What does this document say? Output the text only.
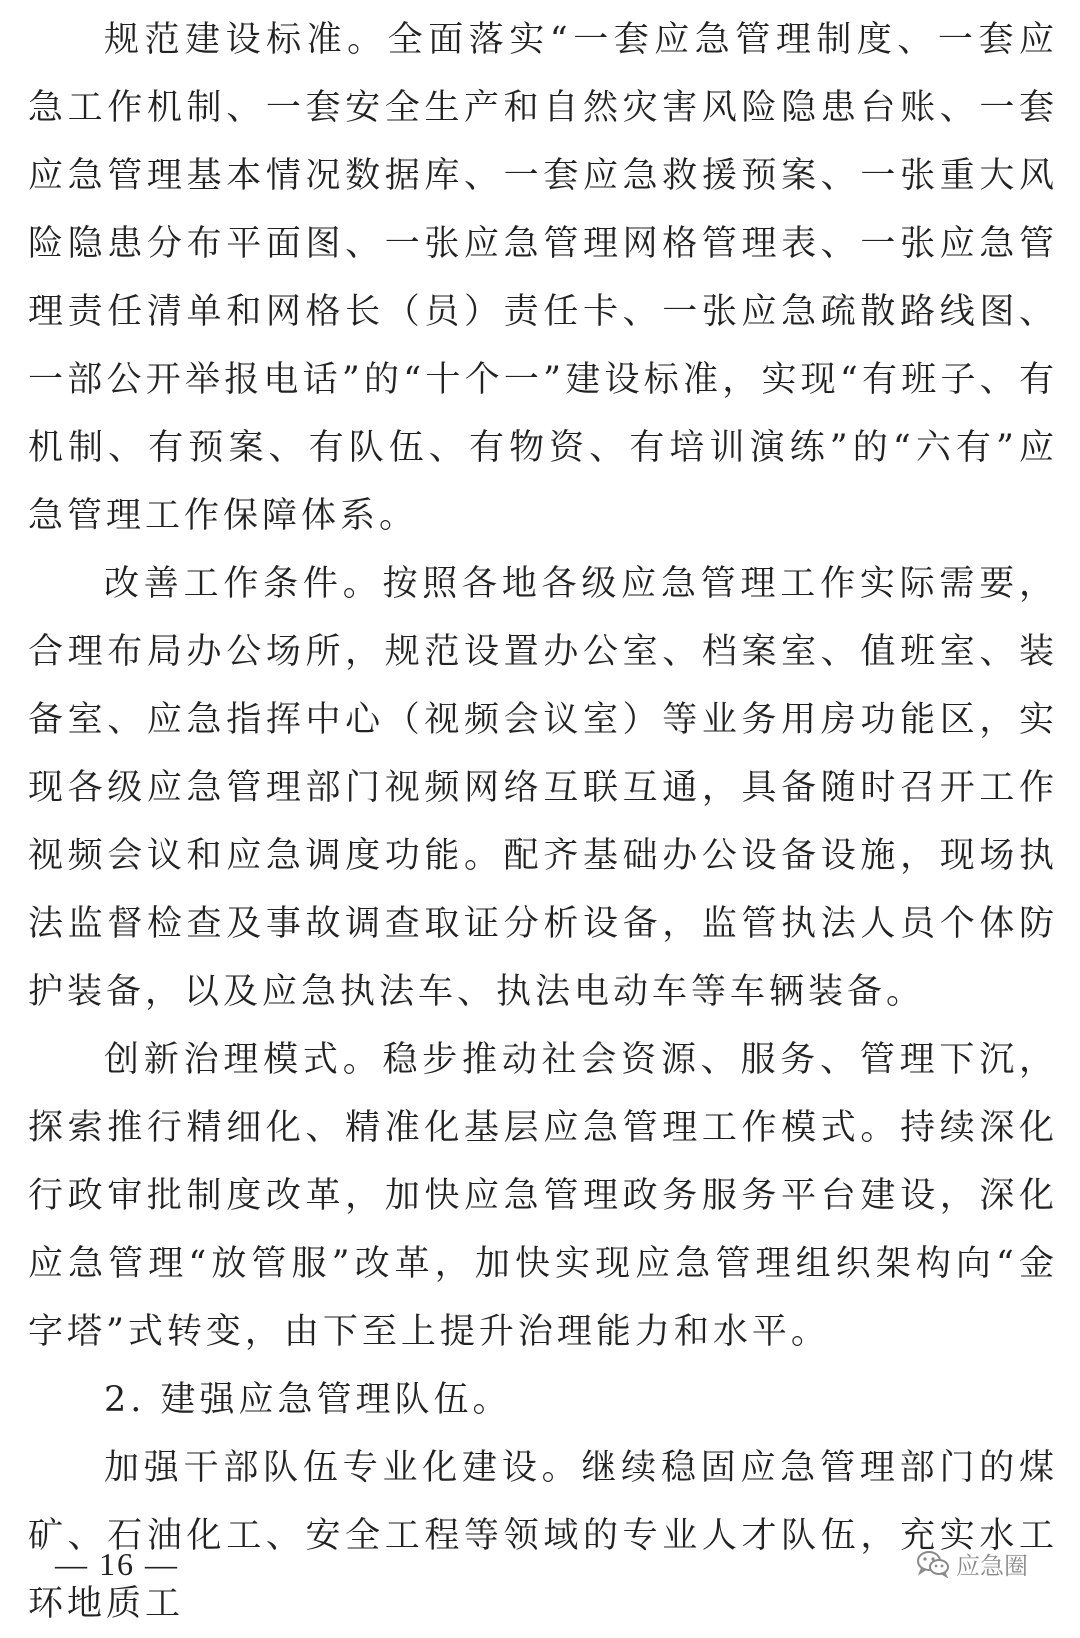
规范建设标准。全面落实“一套应急管理制度、一套应急工作机制、一套安全生产和自然灾害风险隐患台账、一套应急管理基本情况数据库、一套应急救援预案、一张重大风险隐患分布平面图、一张应急管理网格管理表、一张应急管理责任清单和网格长（员）责任卡、一张应急疏散路线图、一部公开举报电话”的“十个一”建设标准，实现“有班子、有机制、有预案、有队伍、有物资、有培训演练”的“六有”应急管理工作保障体系。

改善工作条件。按照各地各级应急管理工作实际需要，合理布局办公场所，规范设置办公室、档案室、值班室、装备室、应急指挥中心（视频会议室）等业务用房功能区，实现各级应急管理部门视频网络互联互通，具备随时召开工作视频会议和应急调度功能。配齐基础办公设备设施，现场执法监督检查及事故调查取证分析设备，监管执法人员个体防护装备，以及应急执法车、执法电动车等车辆装备。

创新治理模式。稳步推动社会资源、服务、管理下沉，探索推行精细化、精准化基层应急管理工作模式。持续深化行政审批制度改革，加快应急管理政务服务平台建设，深化应急管理“放管服”改革，加快实现应急管理组织架构向“金字塔”式转变，由下至上提升治理能力和水平。

2. 建强应急管理队伍。

加强干部队伍专业化建设。继续稳固应急管理部门的煤矿、石油化工、安全工程等领域的专业人才队伍，充实水工环地质工

— 16 —	应急圈
